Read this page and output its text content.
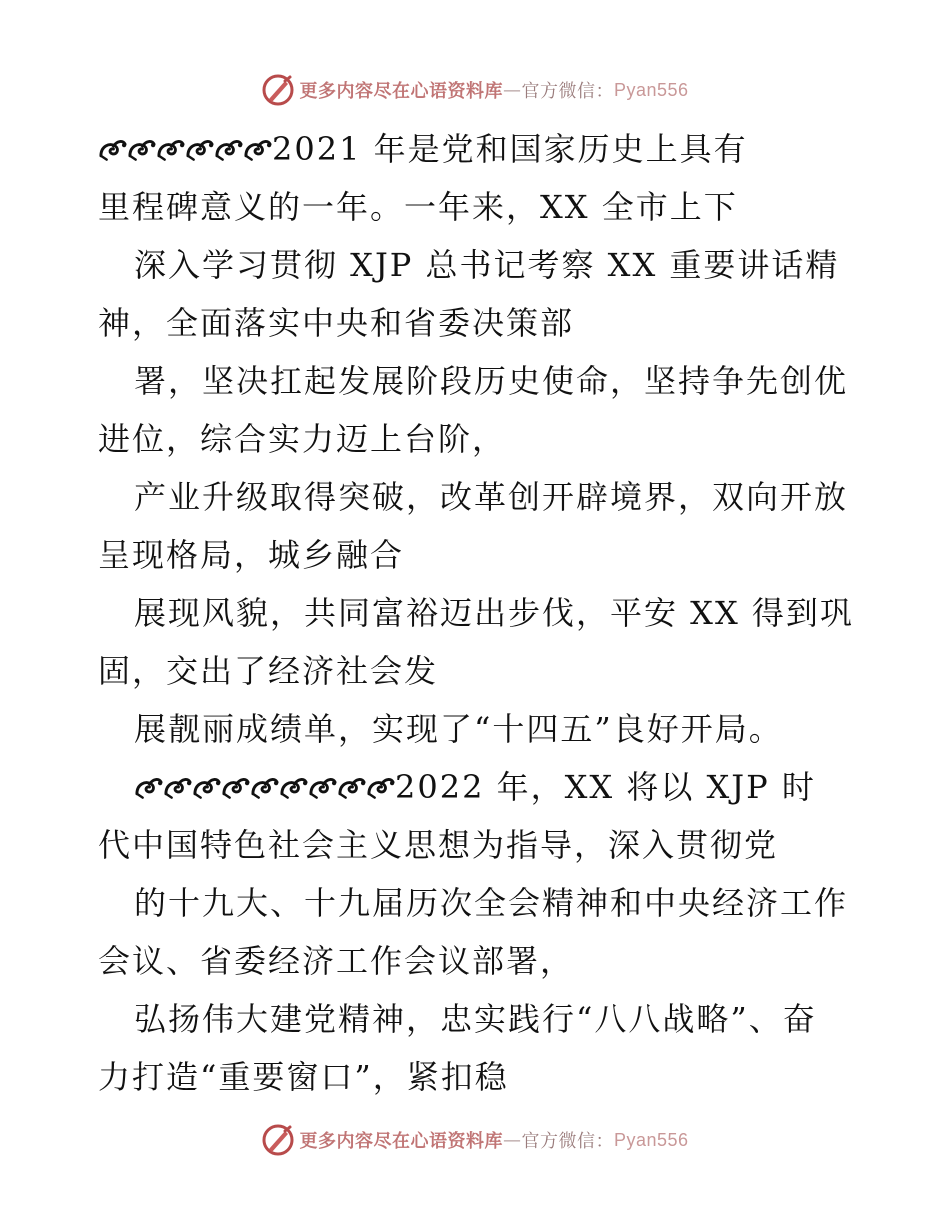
更多内容尽在心语资料库 — 官方微信： Pyan556
2021 年是党和国家历史上具有
里程碑意义的一年。一年来，XX 全市上下
深入学习贯彻 XJP 总书记考察 XX 重要讲话精
神，全面落实中央和省委决策部
署，坚决扛起发展阶段历史使命，坚持争先创优
进位，综合实力迈上台阶，
产业升级取得突破，改革创开辟境界，双向开放
呈现格局，城乡融合
展现风貌，共同富裕迈出步伐，平安 XX 得到巩
固，交出了经济社会发
展靓丽成绩单，实现了“十四五”良好开局。
2022 年，XX 将以 XJP 时
代中国特色社会主义思想为指导，深入贯彻党
的十九大、十九届历次全会精神和中央经济工作
会议、省委经济工作会议部署，
弘扬伟大建党精神，忠实践行“八八战略”、奋
力打造“重要窗口”，紧扣稳
更多内容尽在心语资料库 — 官方微信： Pyan556
